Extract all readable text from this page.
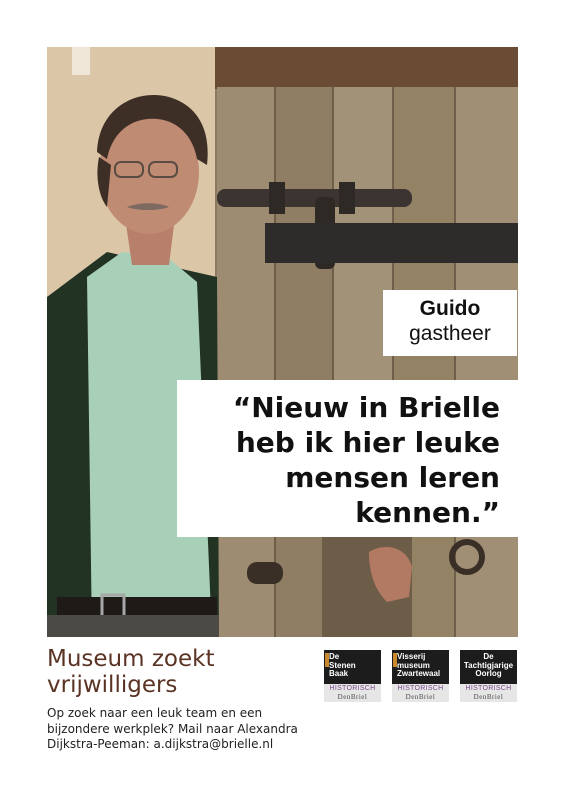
Guido
gastheer
“Nieuw in Brielle
heb ik hier leuke
mensen leren
kennen.”
Museum zoekt
vrijwilligers
Op zoek naar een leuk team en een
bijzondere werkplek? Mail naar Alexandra
Dijkstra-Peeman: a.dijkstra@brielle.nl
De
Stenen
Baak
HISTORISCH
DenBriel
Visserij
museum
Zwartewaal
HISTORISCH
DenBriel
De
Tachtigjarige
Oorlog
HISTORISCH
DenBriel
